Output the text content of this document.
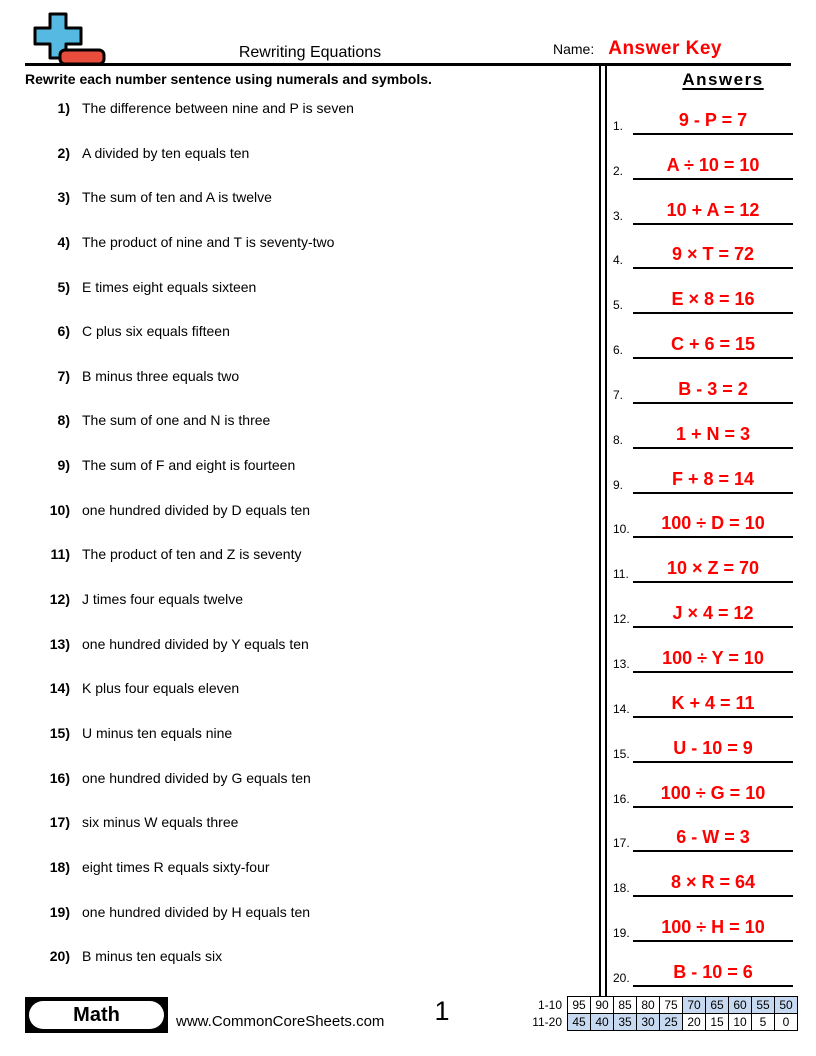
Rewriting Equations	Name: Answer Key
Rewrite each number sentence using numerals and symbols.	Answers
1) The difference between nine and P is seven
2) A divided by ten equals ten
3) The sum of ten and A is twelve
4) The product of nine and T is seventy-two
5) E times eight equals sixteen
6) C plus six equals fifteen
7) B minus three equals two
8) The sum of one and N is three
9) The sum of F and eight is fourteen
10) one hundred divided by D equals ten
11) The product of ten and Z is seventy
12) J times four equals twelve
13) one hundred divided by Y equals ten
14) K plus four equals eleven
15) U minus ten equals nine
16) one hundred divided by G equals ten
17) six minus W equals three
18) eight times R equals sixty-four
19) one hundred divided by H equals ten
20) B minus ten equals six
1.	9 - P = 7
2.	A ÷ 10 = 10
3.	10 + A = 12
4.	9 × T = 72
5.	E × 8 = 16
6.	C + 6 = 15
7.	B - 3 = 2
8.	1 + N = 3
9.	F + 8 = 14
10.	100 ÷ D = 10
11.	10 × Z = 70
12.	J × 4 = 12
13.	100 ÷ Y = 10
14.	K + 4 = 11
15.	U - 10 = 9
16.	100 ÷ G = 10
17.	6 - W = 3
18.	8 × R = 64
19.	100 ÷ H = 10
20.	B - 10 = 6
Math	www.CommonCoreSheets.com	1	1-10	95	90	85	80	75	70	65	60	55	50
11-20	45	40	35	30	25	20	15	10	5	0
